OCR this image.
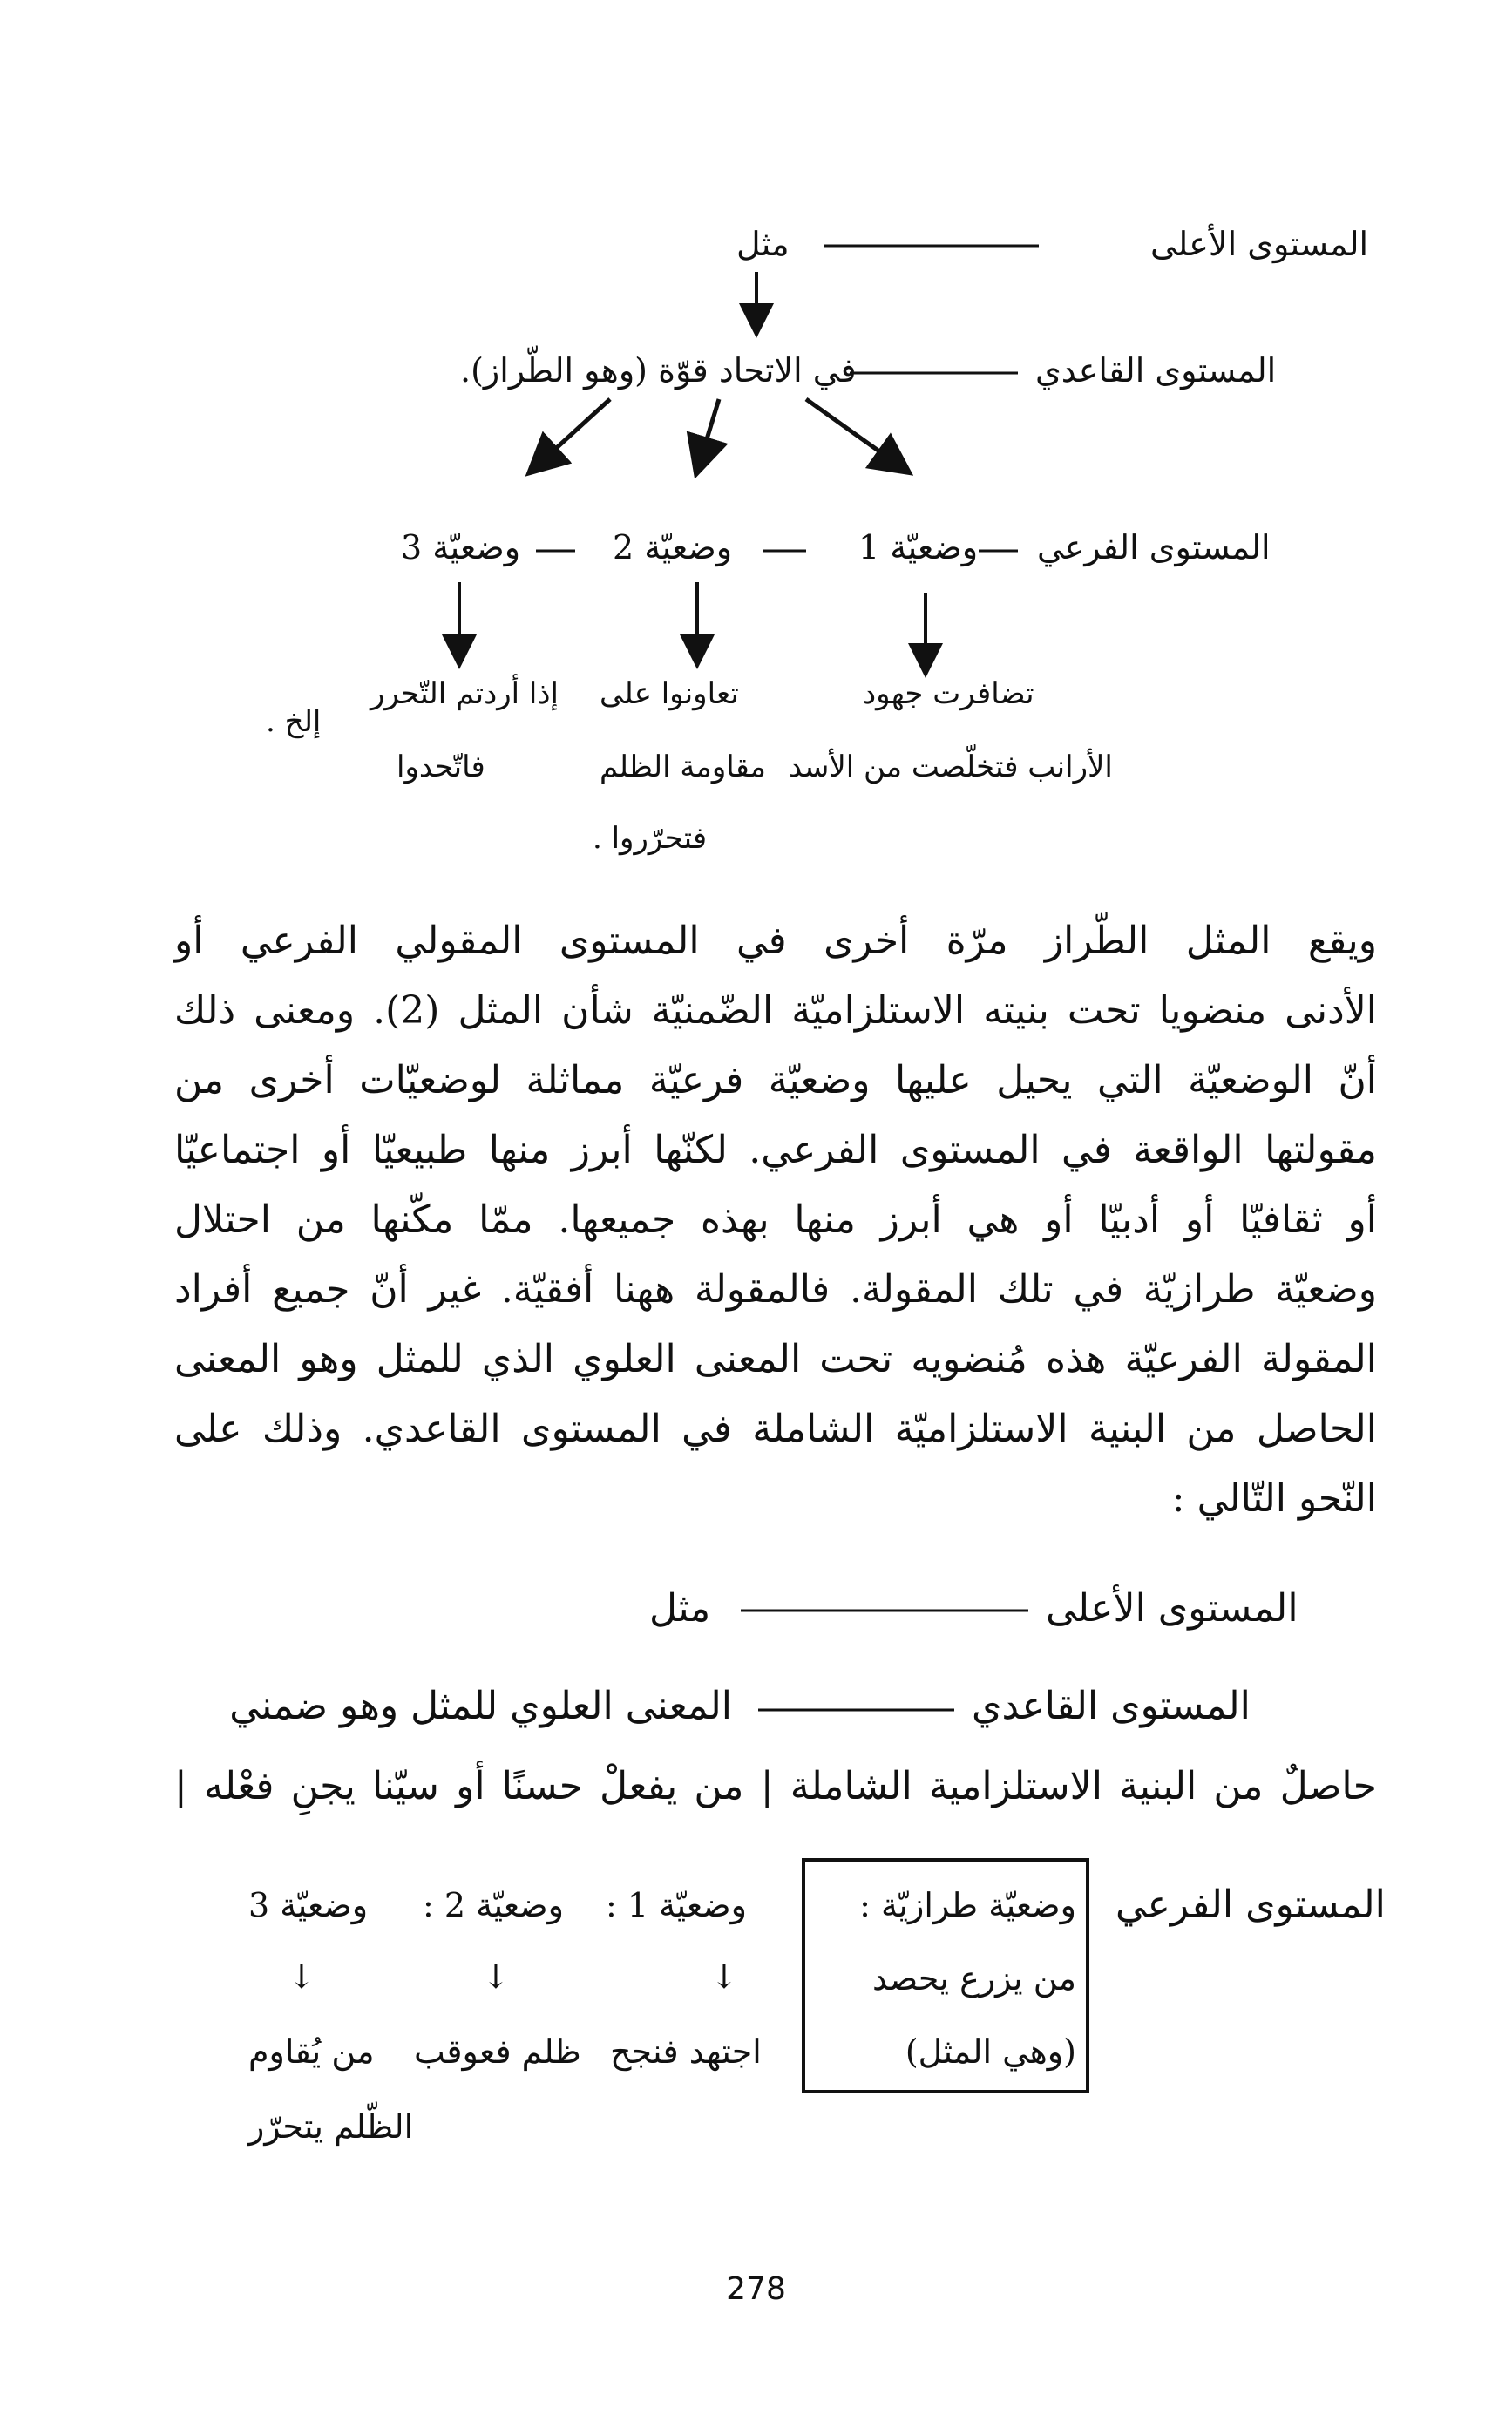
المستوى الأعلى
مثل
المستوى القاعدي
في الاتحاد قوّة (وهو الطّراز).
المستوى الفرعي
وضعيّة 1
وضعيّة 2
وضعيّة 3
تضافرت جهود
الأرانب فتخلّصت من الأسد
تعاونوا على
مقاومة الظلم
فتحرّروا .
إذا أردتم التّحرر
فاتّحدوا
إلخ .
ويقع المثل الطّراز مرّة أخرى في المستوى المقولي الفرعي أو
الأدنى منضويا تحت بنيته الاستلزاميّة الضّمنيّة شأن المثل (2). ومعنى ذلك
أنّ الوضعيّة التي يحيل عليها وضعيّة فرعيّة مماثلة لوضعيّات أخرى من
مقولتها الواقعة في المستوى الفرعي. لكنّها أبرز منها طبيعيّا أو اجتماعيّا
أو ثقافيّا أو أدبيّا أو هي أبرز منها بهذه جميعها. ممّا مكّنها من احتلال
وضعيّة طرازيّة في تلك المقولة. فالمقولة ههنا أفقيّة. غير أنّ جميع أفراد
المقولة الفرعيّة هذه مُنضويه تحت المعنى العلوي الذي للمثل وهو المعنى
الحاصل من البنية الاستلزاميّة الشاملة في المستوى القاعدي. وذلك على
النّحو التّالي :
المستوى الأعلى
مثل
المستوى القاعدي
المعنى العلوي للمثل وهو ضمني
حاصلٌ من البنية الاستلزامية الشاملة | من يفعلْ حسنًا أو سيّنا يجنِ فعْله |
المستوى الفرعي
وضعيّة طرازيّة :
من يزرع يحصد
(وهي المثل)
وضعيّة 1 :
وضعيّة 2 :
وضعيّة 3
↓
↓
↓
اجتهد فنجح
ظلم فعوقب
من يُقاوم
الظّلم يتحرّر
278
